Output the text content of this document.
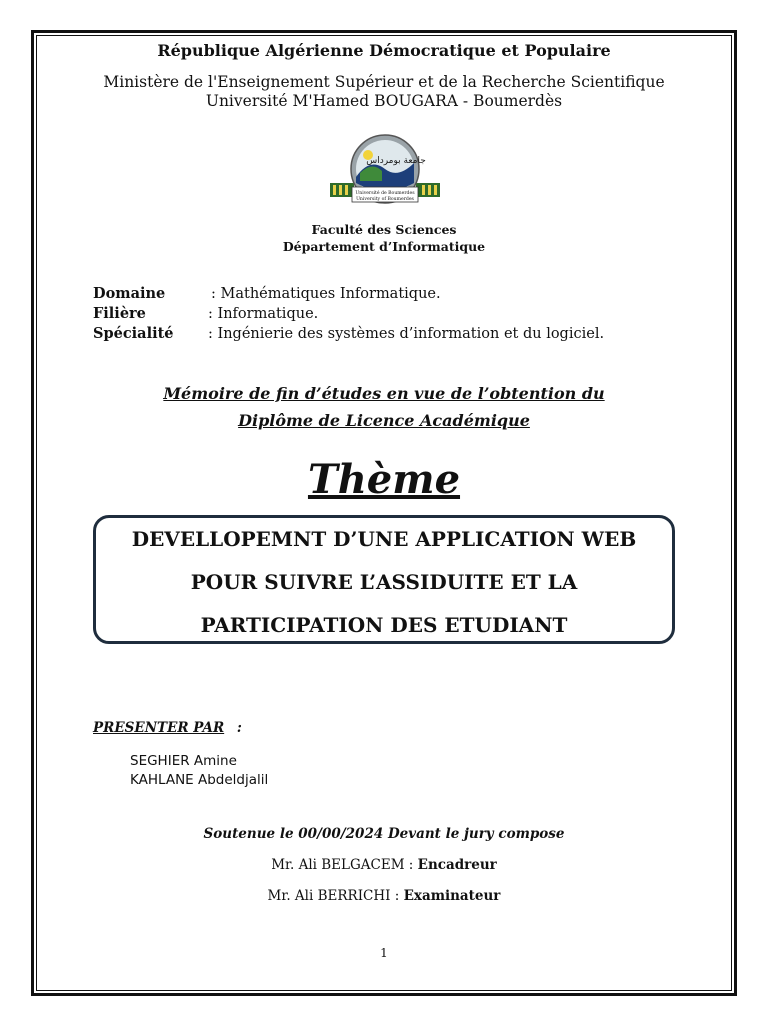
République Algérienne Démocratique et Populaire
Ministère de l'Enseignement Supérieur et de la Recherche Scientifique
Université M'Hamed BOUGARA - Boumerdès
جامعة بومرداس
Université de Boumerdes
University of Boumerdes
Faculté des Sciences
Département d’Informatique
Domaine	: Mathématiques Informatique.
Filière	: Informatique.
Spécialité : Ingénierie des systèmes d’information et du logiciel.
Mémoire de fin d’études en vue de l’obtention du
Diplôme de Licence Académique
Thème
DEVELLOPEMNT D’UNE APPLICATION WEB
POUR SUIVRE L’ASSIDUITE ET LA
PARTICIPATION DES ETUDIANT
PRESENTER PAR :
SEGHIER Amine
KAHLANE Abdeldjalil
Soutenue le 00/00/2024 Devant le jury compose
Mr. Ali BELGACEM : Encadreur
Mr. Ali BERRICHI : Examinateur
1
